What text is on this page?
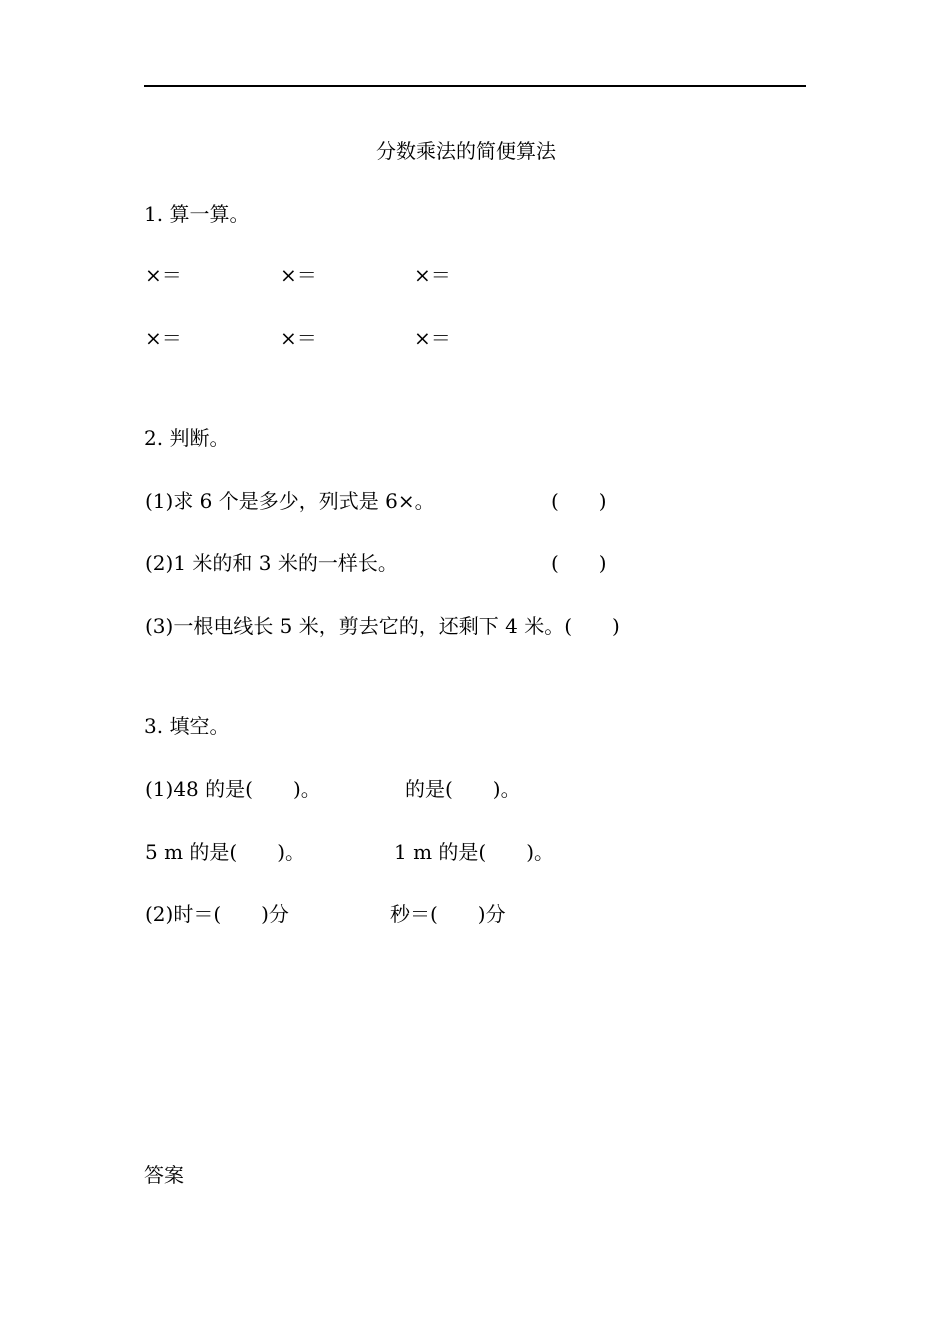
分数乘法的简便算法
1. 算一算。
×＝	×＝	×＝
×＝	×＝	×＝
2. 判断。
(1)求 6 个是多少，列式是 6×。	(　　)
(2)1 米的和 3 米的一样长。	(　　)
(3)一根电线长 5 米，剪去它的，还剩下 4 米。(　　)
3. 填空。
(1)48 的是(　　)。	的是(　　)。
5 m 的是(　　)。	1 m 的是(　　)。
(2)时＝(　　)分	秒＝(　　)分
答案
